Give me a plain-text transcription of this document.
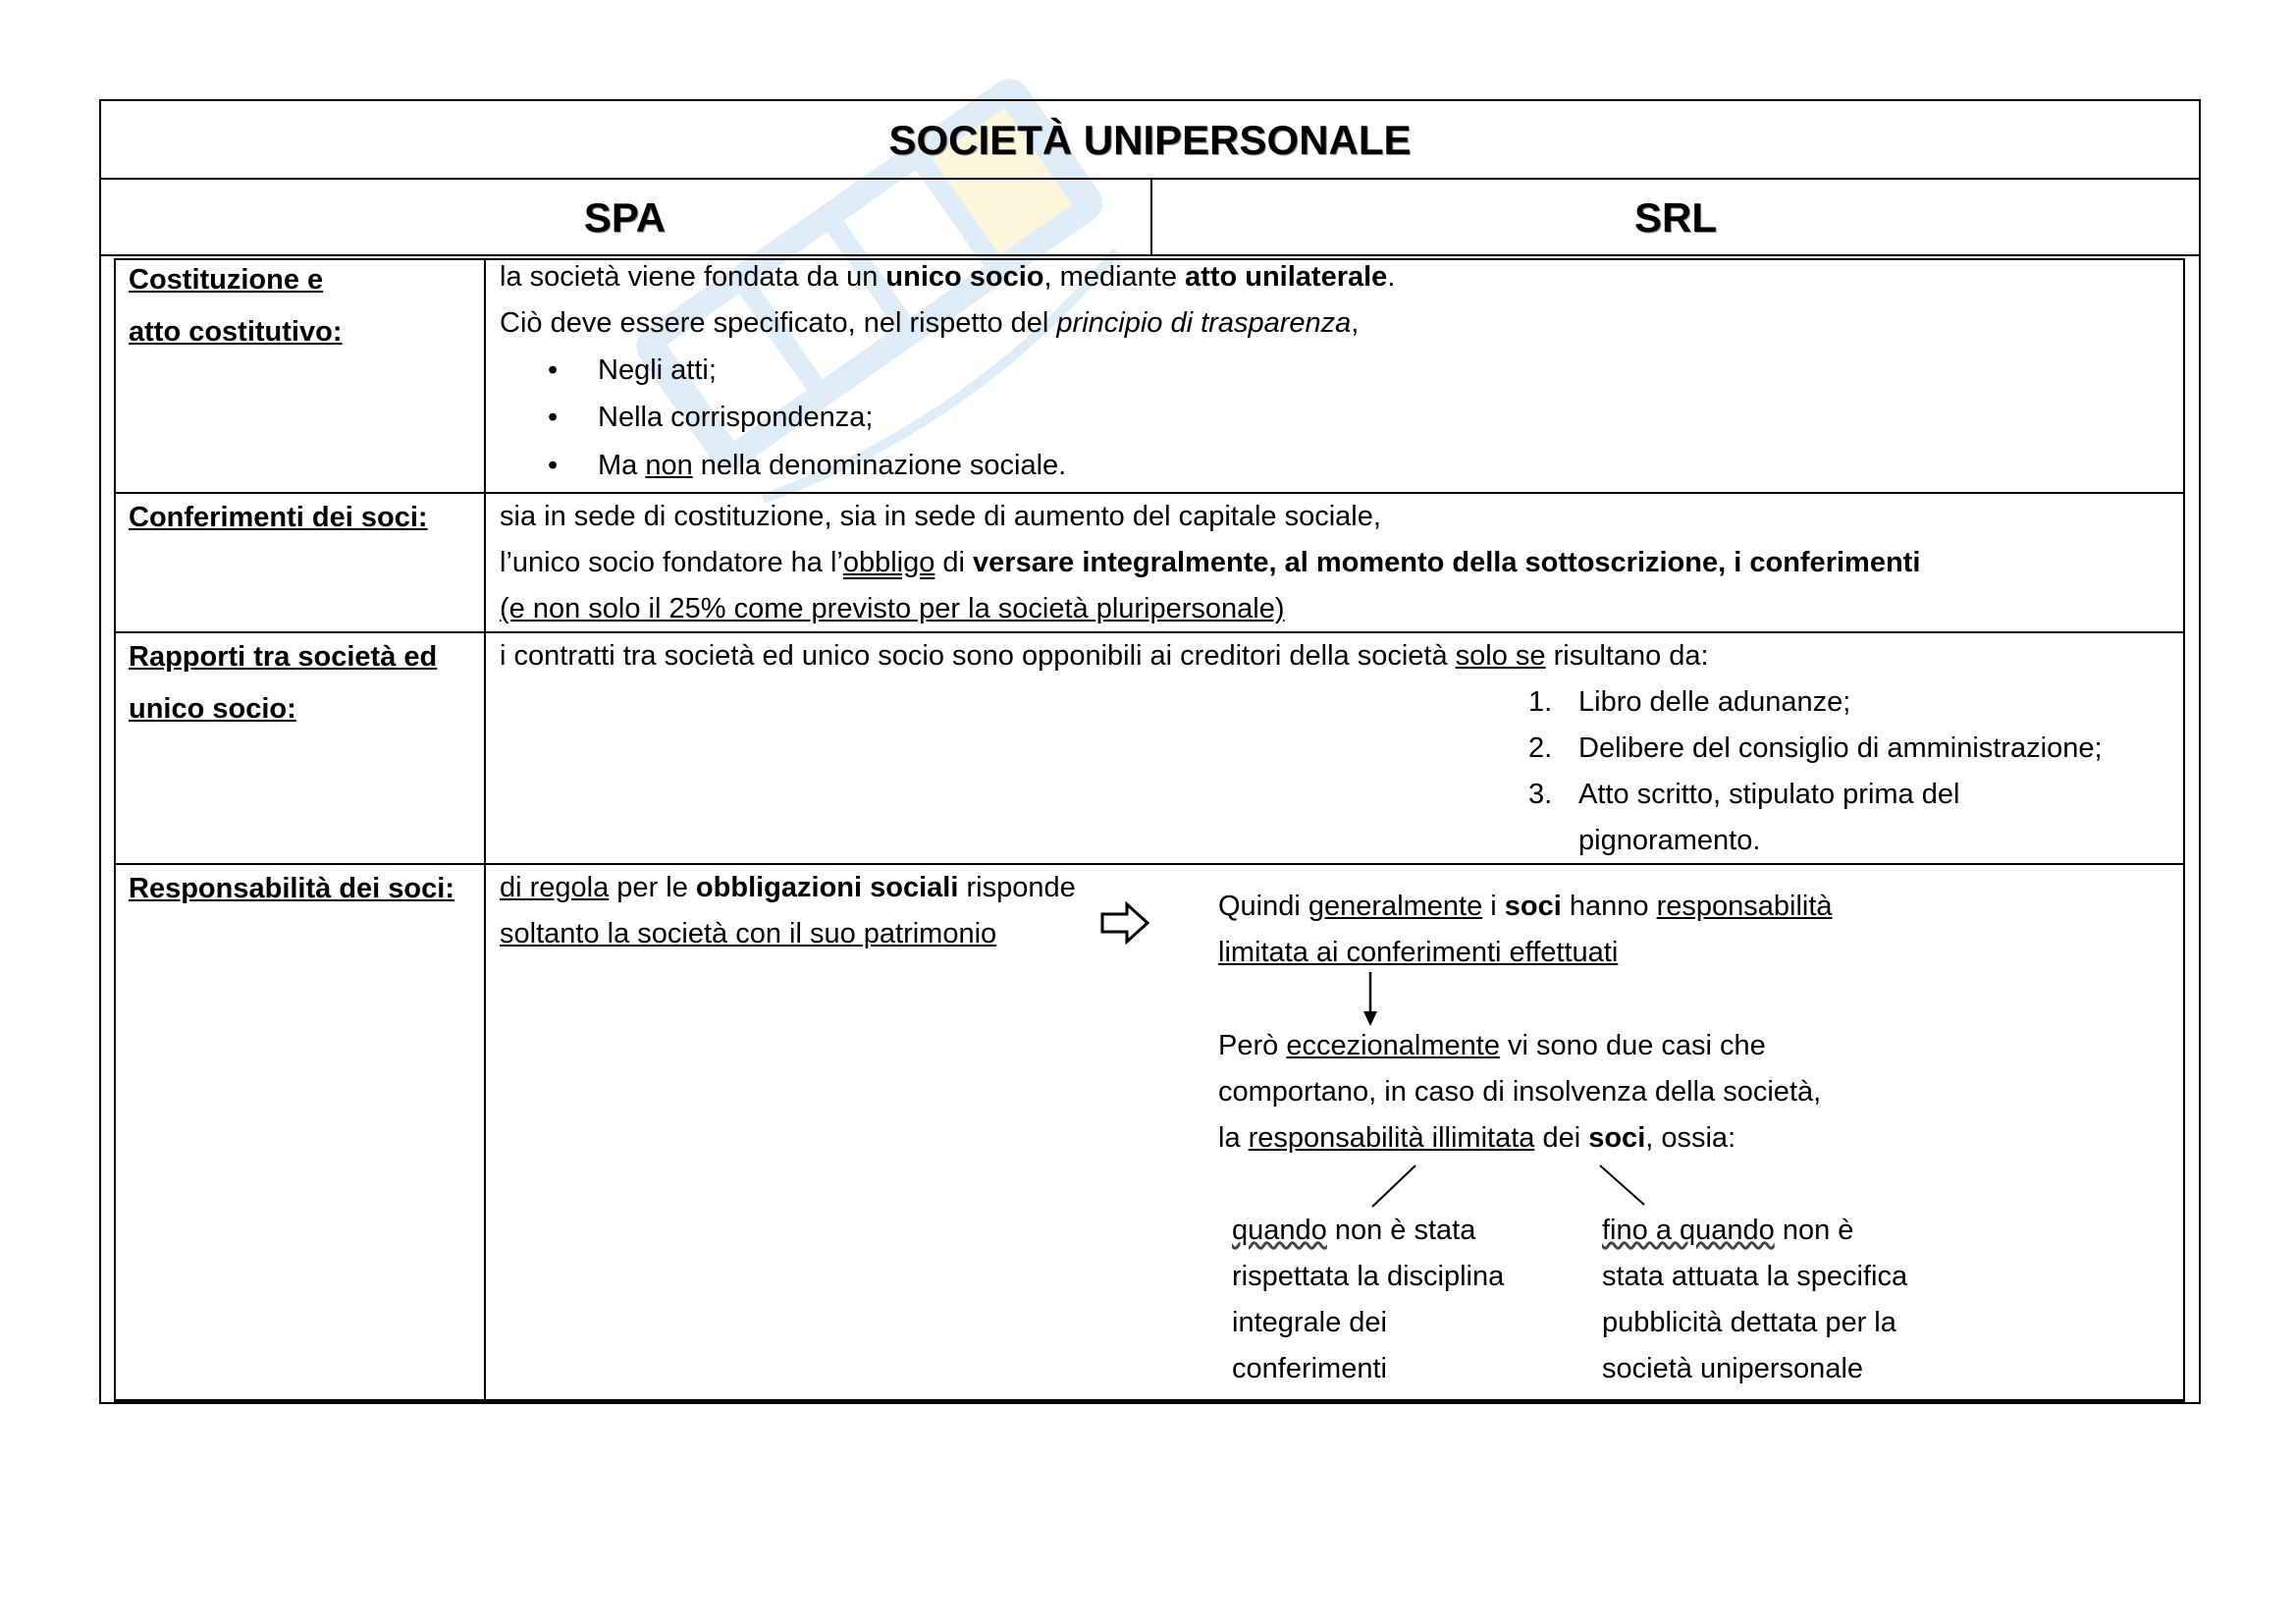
SOCIETÀ UNIPERSONALE
SPA	SRL
Costituzione e
atto costitutivo:
la società viene fondata da un unico socio, mediante atto unilaterale.
Ciò deve essere specificato, nel rispetto del principio di trasparenza,
• Negli atti;
• Nella corrispondenza;
• Ma non nella denominazione sociale.
Conferimenti dei soci:	sia in sede di costituzione, sia in sede di aumento del capitale sociale,
l’unico socio fondatore ha l’obbligo di versare integralmente, al momento della sottoscrizione, i conferimenti
(e non solo il 25% come previsto per la società pluripersonale)
Rapporti tra società ed
unico socio:
i contratti tra società ed unico socio sono opponibili ai creditori della società solo se risultano da:
1. Libro delle adunanze;
2. Delibere del consiglio di amministrazione;
3. Atto scritto, stipulato prima del
pignoramento.
Responsabilità dei soci: di regola per le obbligazioni sociali risponde
soltanto la società con il suo patrimonio
Quindi generalmente i soci hanno responsabilità
limitata ai conferimenti effettuati
Però eccezionalmente vi sono due casi che
comportano, in caso di insolvenza della società,
la responsabilità illimitata dei soci, ossia:
quando non è stata
rispettata la disciplina
integrale dei
conferimenti
fino a quando non è
stata attuata la specifica
pubblicità dettata per la
società unipersonale
